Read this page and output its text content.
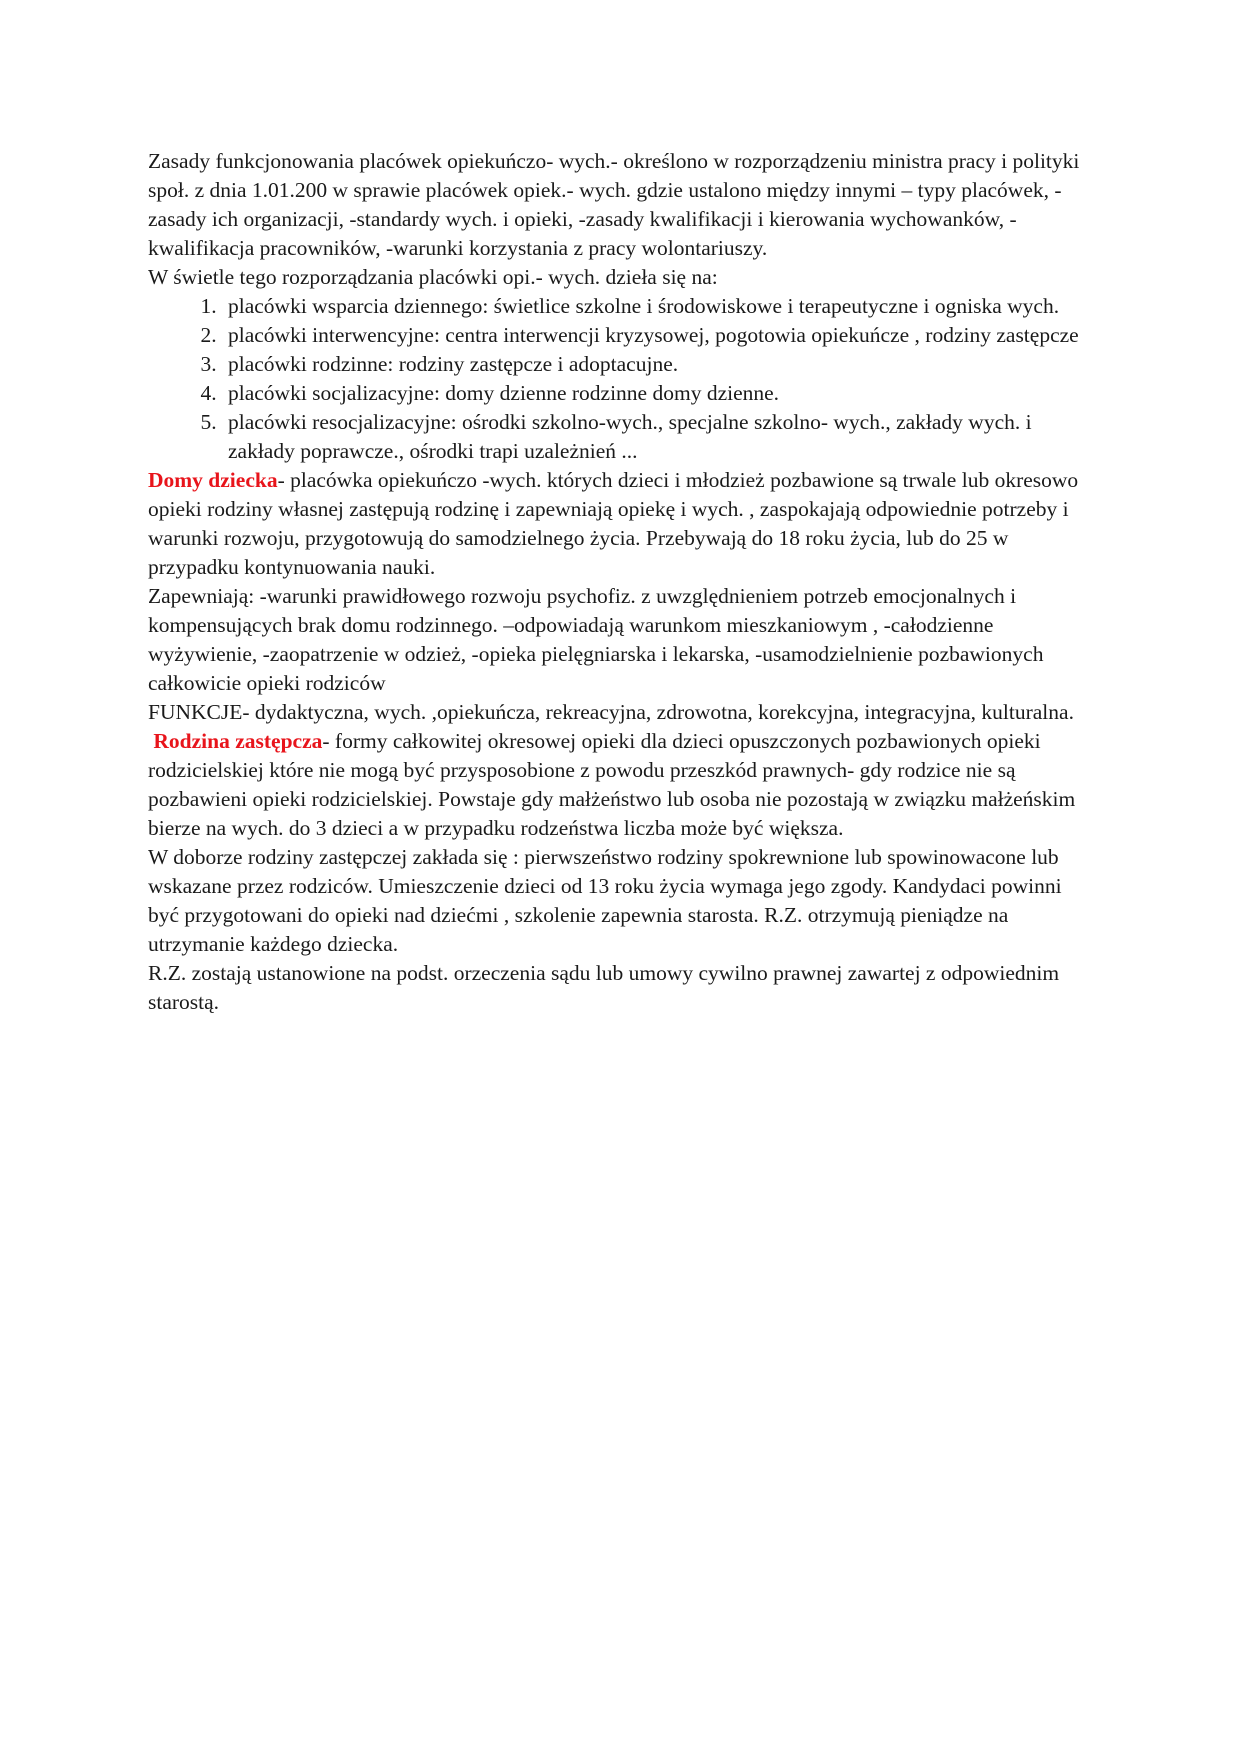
Zasady funkcjonowania placówek opiekuńczo- wych.- określono w rozporządzeniu ministra pracy i polityki społ. z dnia 1.01.200 w sprawie placówek opiek.- wych. gdzie ustalono między innymi – typy placówek, -zasady ich organizacji, -standardy wych. i opieki, -zasady kwalifikacji i kierowania wychowanków, -kwalifikacja pracowników, -warunki korzystania z pracy wolontariuszy.

W świetle tego rozporządzania placówki opi.- wych. dzieła się na:

1. placówki wsparcia dziennego: świetlice szkolne i środowiskowe i terapeutyczne i ogniska wych.
2. placówki interwencyjne: centra interwencji kryzysowej, pogotowia opiekuńcze , rodziny zastępcze
3. placówki rodzinne: rodziny zastępcze i adoptacujne.
4. placówki socjalizacyjne: domy dzienne rodzinne domy dzienne.
5. placówki resocjalizacyjne: ośrodki szkolno-wych., specjalne szkolno- wych., zakłady wych. i zakłady poprawcze., ośrodki trapi uzależnień ...

Domy dziecka- placówka opiekuńczo -wych. których dzieci i młodzież pozbawione są trwale lub okresowo opieki rodziny własnej zastępują rodzinę i zapewniają opiekę i wych. , zaspokajają odpowiednie potrzeby i warunki rozwoju, przygotowują do samodzielnego życia. Przebywają do 18 roku życia, lub do 25 w przypadku kontynuowania nauki.

Zapewniają: -warunki prawidłowego rozwoju psychofiz. z uwzględnieniem potrzeb emocjonalnych i kompensujących brak domu rodzinnego. –odpowiadają warunkom mieszkaniowym , -całodzienne wyżywienie, -zaopatrzenie w odzież, -opieka pielęgniarska i lekarska, -usamodzielnienie pozbawionych całkowicie opieki rodziców

FUNKCJE- dydaktyczna, wych. ,opiekuńcza, rekreacyjna, zdrowotna, korekcyjna, integracyjna, kulturalna.

Rodzina zastępcza- formy całkowitej okresowej opieki dla dzieci opuszczonych pozbawionych opieki rodzicielskiej które nie mogą być przysposobione z powodu przeszkód prawnych- gdy rodzice nie są pozbawieni opieki rodzicielskiej. Powstaje gdy małżeństwo lub osoba nie pozostają w związku małżeńskim bierze na wych. do 3 dzieci a w przypadku rodzeństwa liczba może być większa.

W doborze rodziny zastępczej zakłada się : pierwszeństwo rodziny spokrewnione lub spowinowacone lub wskazane przez rodziców. Umieszczenie dzieci od 13 roku życia wymaga jego zgody. Kandydaci powinni być przygotowani do opieki nad dziećmi , szkolenie zapewnia starosta. R.Z. otrzymują pieniądze na utrzymanie każdego dziecka.

R.Z. zostają ustanowione na podst. orzeczenia sądu lub umowy cywilno prawnej zawartej z odpowiednim starostą.
